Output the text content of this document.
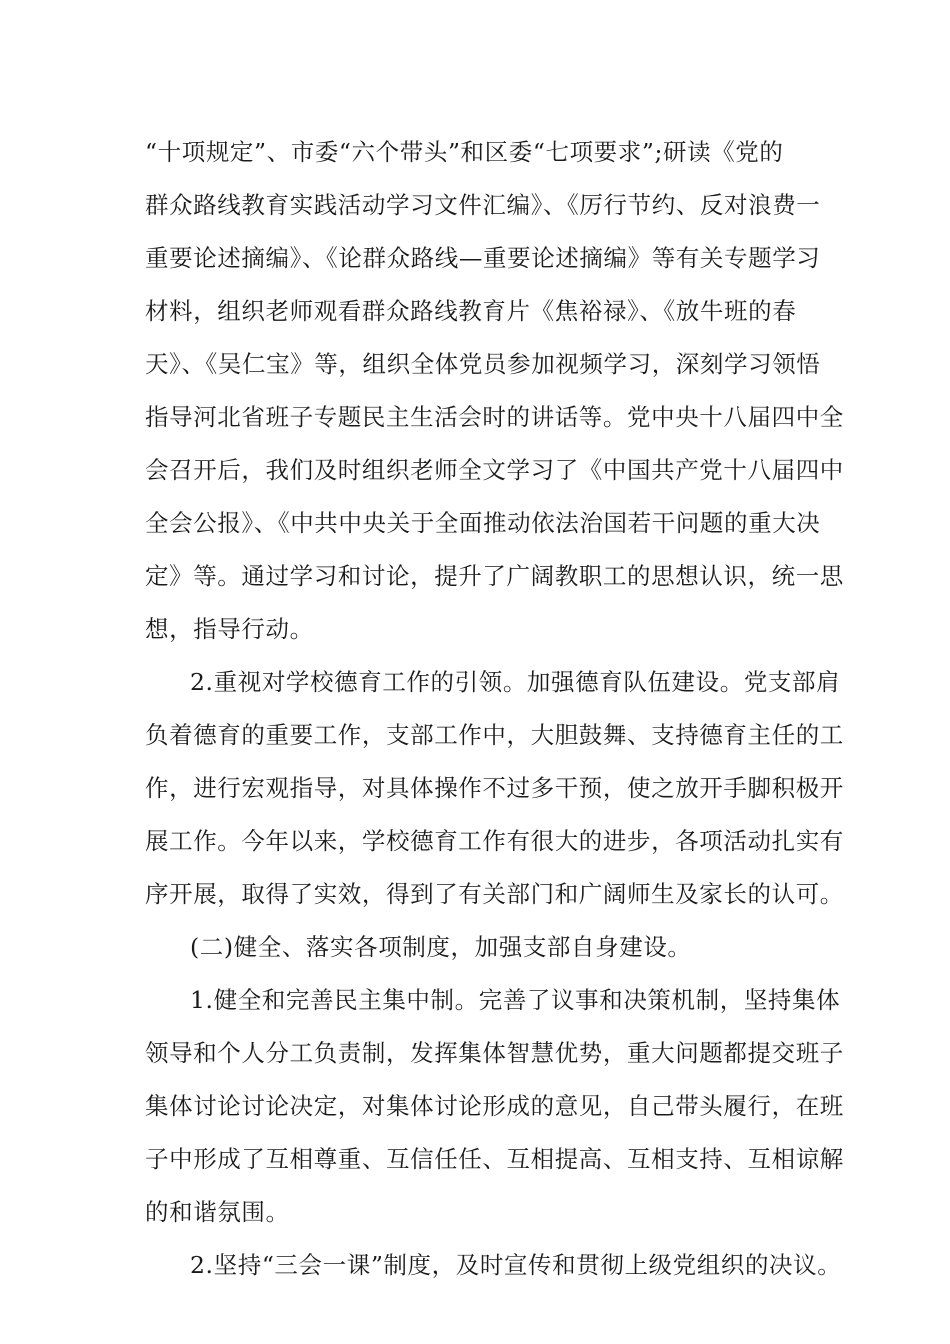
“十项规定”、市委“六个带头”和区委“七项要求”;研读《党的
群众路线教育实践活动学习文件汇编》、《厉行节约、反对浪费一
重要论述摘编》、《论群众路线—重要论述摘编》等有关专题学习
材料，组织老师观看群众路线教育片《焦裕禄》、《放牛班的春
天》、《吴仁宝》等，组织全体党员参加视频学习，深刻学习领悟
指导河北省班子专题民主生活会时的讲话等。党中央十八届四中全
会召开后，我们及时组织老师全文学习了《中国共产党十八届四中
全会公报》、《中共中央关于全面推动依法治国若干问题的重大决
定》等。通过学习和讨论，提升了广阔教职工的思想认识，统一思
想，指导行动。
2.重视对学校德育工作的引领。加强德育队伍建设。党支部肩
负着德育的重要工作，支部工作中，大胆鼓舞、支持德育主任的工
作，进行宏观指导，对具体操作不过多干预，使之放开手脚积极开
展工作。今年以来，学校德育工作有很大的进步，各项活动扎实有
序开展，取得了实效，得到了有关部门和广阔师生及家长的认可。
(二)健全、落实各项制度，加强支部自身建设。
1.健全和完善民主集中制。完善了议事和决策机制，坚持集体
领导和个人分工负责制，发挥集体智慧优势，重大问题都提交班子
集体讨论讨论决定，对集体讨论形成的意见，自己带头履行，在班
子中形成了互相尊重、互信任任、互相提高、互相支持、互相谅解
的和谐氛围。
2.坚持“三会一课”制度，及时宣传和贯彻上级党组织的决议。
